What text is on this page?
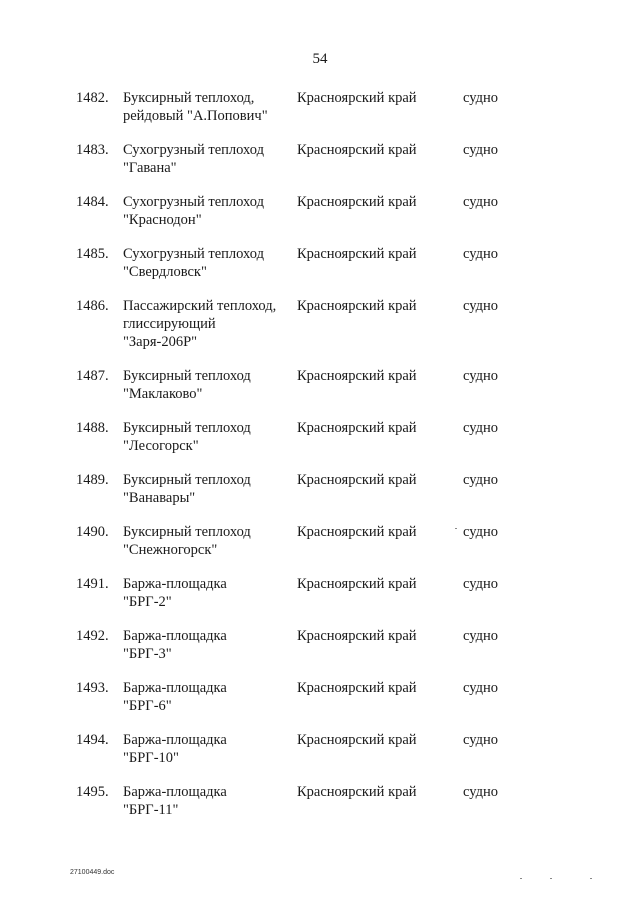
54
1482. Буксирный теплоход,
рейдовый "А.Попович"
Красноярский край	судно
1483. Сухогрузный теплоход
"Гавана"
Красноярский край	судно
1484. Сухогрузный теплоход
"Краснодон"
Красноярский край	судно
1485. Сухогрузный теплоход
"Свердловск"
Красноярский край	судно
1486. Пассажирский теплоход,
глиссирующий
"Заря-206Р"
Красноярский край	судно
1487. Буксирный теплоход
"Маклаково"
Красноярский край	судно
1488. Буксирный теплоход
"Лесогорск"
Красноярский край	судно
1489. Буксирный теплоход
"Ванавары"
Красноярский край	судно
1490. Буксирный теплоход
"Снежногорск"
Красноярский край	судно
1491. Баржа-площадка
"БРГ-2"
Красноярский край	судно
1492. Баржа-площадка
"БРГ-3"
Красноярский край	судно
1493. Баржа-площадка
"БРГ-6"
Красноярский край	судно
1494. Баржа-площадка
"БРГ-10"
Красноярский край	судно
1495. Баржа-площадка
"БРГ-11"
Красноярский край	судно
27100449.doc
